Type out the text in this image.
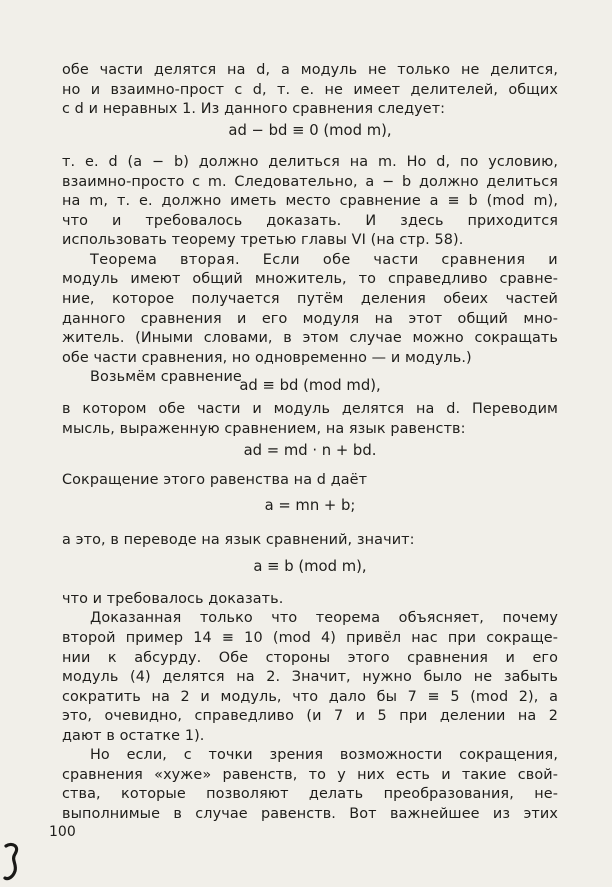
обе части делятся на d, а модуль не только не делится,
но и взаимно-прост с d, т. е. не имеет делителей, общих
с d и неравных 1. Из данного сравнения следует:
ad − bd ≡ 0 (mod m),
т. е. d (a − b) должно делиться на m. Но d, по условию,
взаимно-просто с m. Следовательно, a − b должно делиться
на m, т. е. должно иметь место сравнение a ≡ b (mod m),
что и требовалось доказать. И здесь приходится
использовать теорему третью главы VI (на стр. 58).
Теорема вторая. Если обе части сравнения и
модуль имеют общий множитель, то справедливо сравне-
ние, которое получается путём деления обеих частей
данного сравнения и его модуля на этот общий мно-
житель. (Иными словами, в этом случае можно сокращать
обе части сравнения, но одновременно — и модуль.)
Возьмём сравнение
ad ≡ bd (mod md),
в котором обе части и модуль делятся на d. Переводим
мысль, выраженную сравнением, на язык равенств:
ad = md · n + bd.
Сокращение этого равенства на d даёт
a = mn + b;
а это, в переводе на язык сравнений, значит:
a ≡ b (mod m),
что и требовалось доказать.
Доказанная только что теорема объясняет, почему
второй пример 14 ≡ 10 (mod 4) привёл нас при сокраще-
нии к абсурду. Обе стороны этого сравнения и его
модуль (4) делятся на 2. Значит, нужно было не забыть
сократить на 2 и модуль, что дало бы 7 ≡ 5 (mod 2), а
это, очевидно, справедливо (и 7 и 5 при делении на 2
дают в остатке 1).
Но если, с точки зрения возможности сокращения,
сравнения «хуже» равенств, то у них есть и такие свой-
ства, которые позволяют делать преобразования, не-
выполнимые в случае равенств. Вот важнейшее из этих
100
